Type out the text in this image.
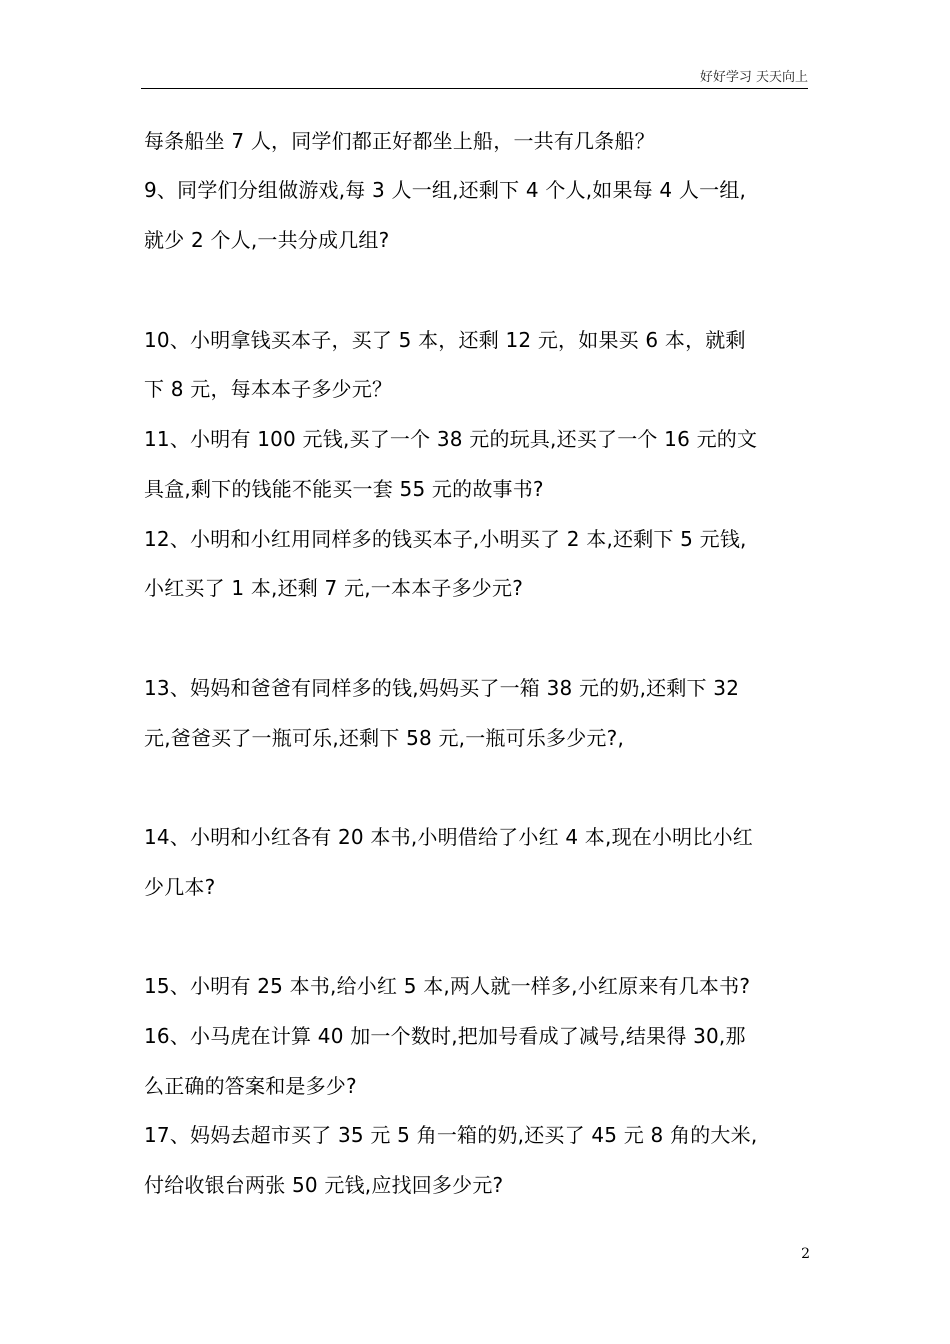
好好学习 天天向上
每条船坐 7 人，同学们都正好都坐上船，一共有几条船？
9、同学们分组做游戏,每 3 人一组,还剩下 4 个人,如果每 4 人一组,
就少 2 个人,一共分成几组?
10、小明拿钱买本子，买了 5 本，还剩 12 元，如果买 6 本，就剩
下 8 元，每本本子多少元？
11、小明有 100 元钱,买了一个 38 元的玩具,还买了一个 16 元的文
具盒,剩下的钱能不能买一套 55 元的故事书?
12、小明和小红用同样多的钱买本子,小明买了 2 本,还剩下 5 元钱,
小红买了 1 本,还剩 7 元,一本本子多少元?
13、妈妈和爸爸有同样多的钱,妈妈买了一箱 38 元的奶,还剩下 32
元,爸爸买了一瓶可乐,还剩下 58 元,一瓶可乐多少元?,
14、小明和小红各有 20 本书,小明借给了小红 4 本,现在小明比小红
少几本?
15、小明有 25 本书,给小红 5 本,两人就一样多,小红原来有几本书?
16、小马虎在计算 40 加一个数时,把加号看成了减号,结果得 30,那
么正确的答案和是多少?
17、妈妈去超市买了 35 元 5 角一箱的奶,还买了 45 元 8 角的大米,
付给收银台两张 50 元钱,应找回多少元?
2
